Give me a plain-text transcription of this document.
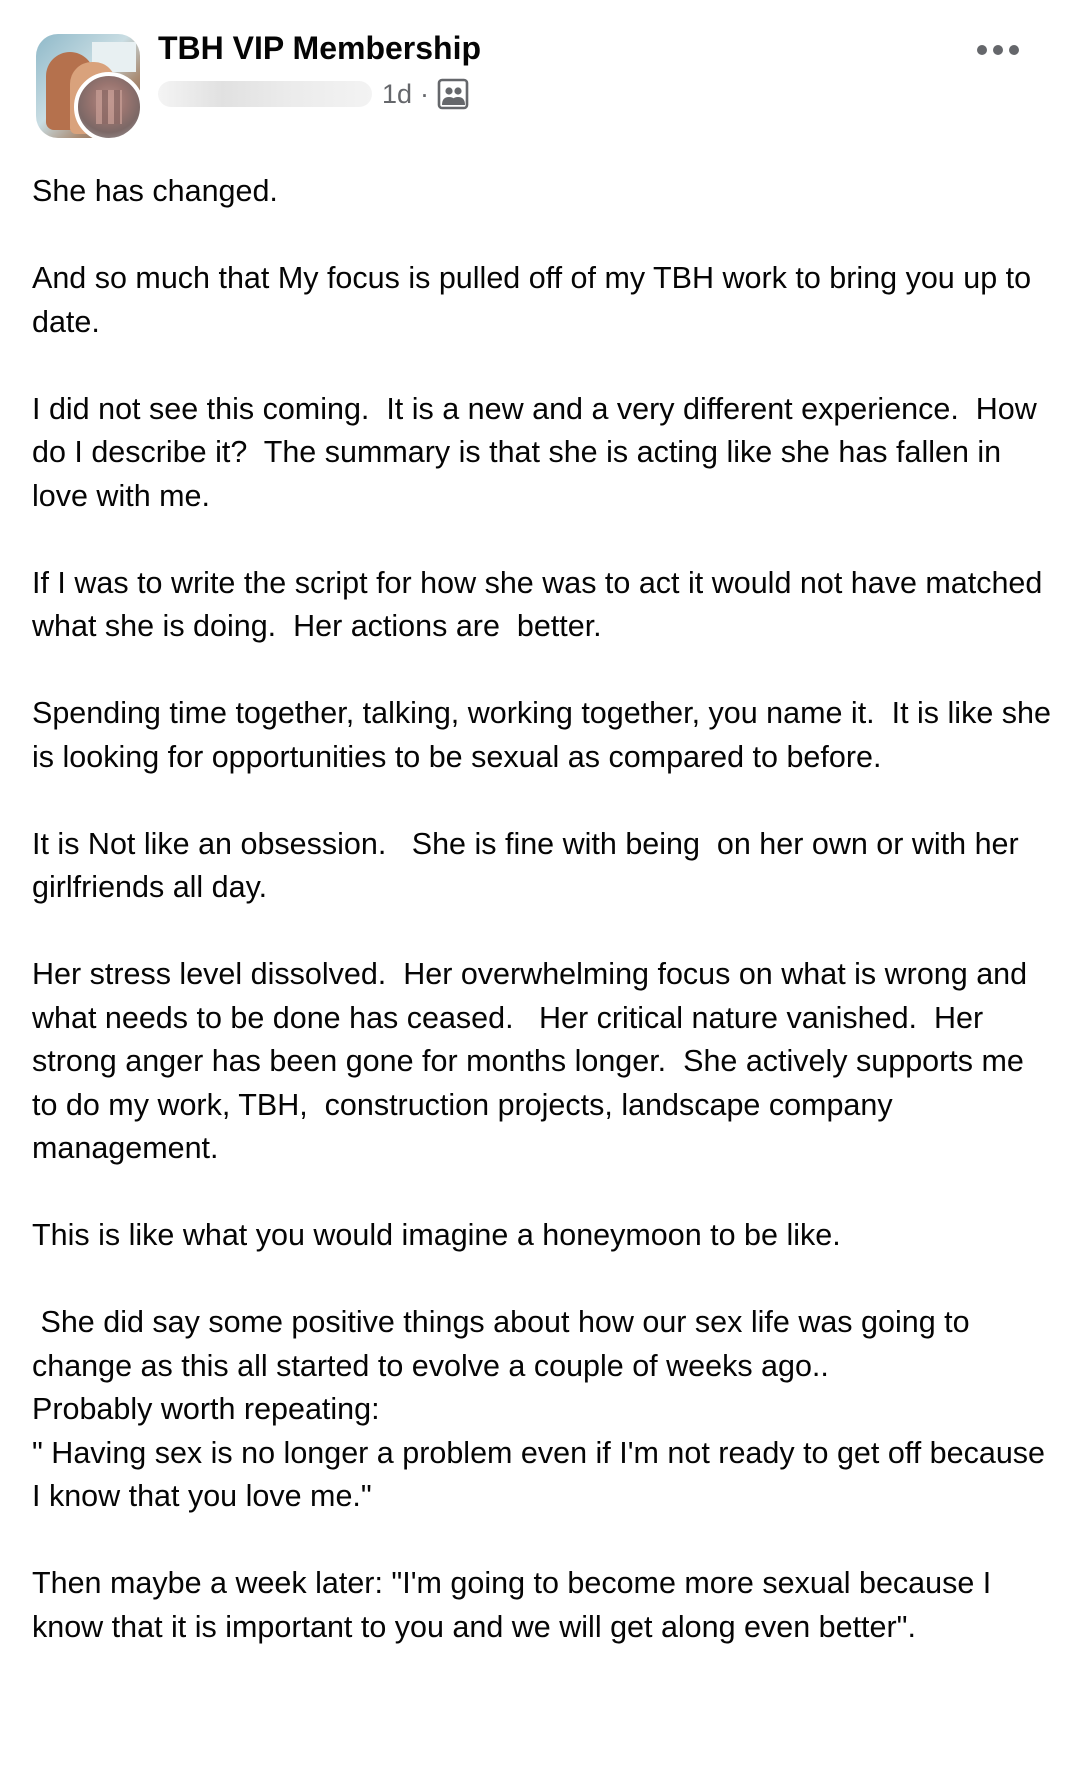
TBH VIP Membership
1d ·

She has changed.

And so much that My focus is pulled off of my TBH work to bring you up to date.

I did not see this coming.  It is a new and a very different experience.  How do I describe it?  The summary is that she is acting like she has fallen in love with me.

If I was to write the script for how she was to act it would not have matched what she is doing.  Her actions are  better.

Spending time together, talking, working together, you name it.  It is like she is looking for opportunities to be sexual as compared to before.

It is Not like an obsession.   She is fine with being  on her own or with her girlfriends all day.

Her stress level dissolved.  Her overwhelming focus on what is wrong and what needs to be done has ceased.   Her critical nature vanished.  Her strong anger has been gone for months longer.  She actively supports me to do my work, TBH,  construction projects, landscape company management.

This is like what you would imagine a honeymoon to be like.

She did say some positive things about how our sex life was going to change as this all started to evolve a couple of weeks ago..
Probably worth repeating:
" Having sex is no longer a problem even if I'm not ready to get off because I know that you love me."

Then maybe a week later: "I'm going to become more sexual because I know that it is important to you and we will get along even better".
